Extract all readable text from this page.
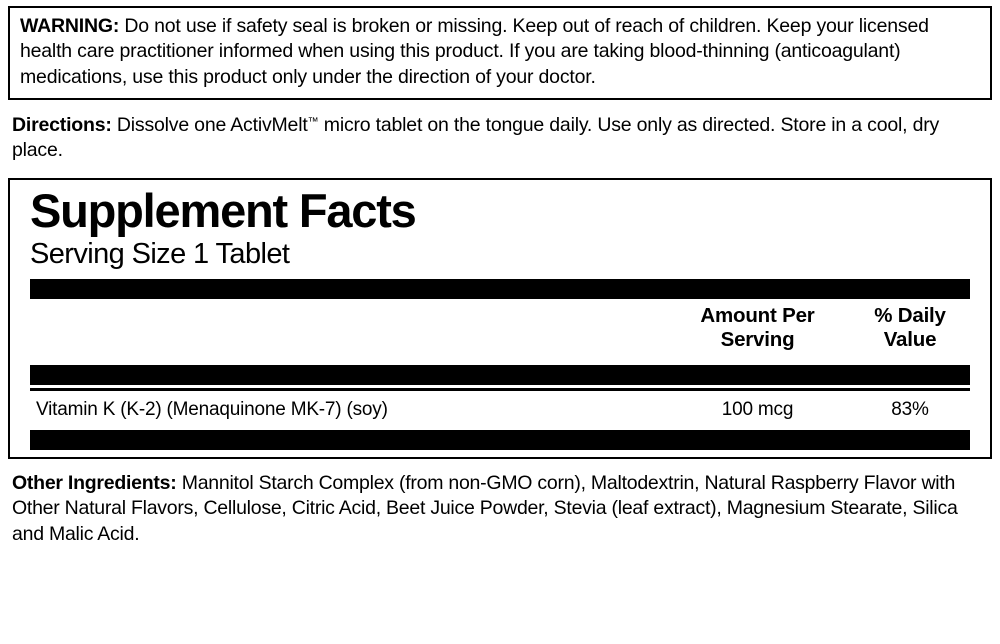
WARNING: Do not use if safety seal is broken or missing. Keep out of reach of children. Keep your licensed health care practitioner informed when using this product. If you are taking blood-thinning (anticoagulant) medications, use this product only under the direction of your doctor.
Directions: Dissolve one ActivMelt™ micro tablet on the tongue daily. Use only as directed. Store in a cool, dry place.
Supplement Facts
Serving Size 1 Tablet
Amount Per
Serving
% Daily
Value
Vitamin K (K-2) (Menaquinone MK-7) (soy)	100 mcg	83%
Other Ingredients: Mannitol Starch Complex (from non-GMO corn), Maltodextrin, Natural Raspberry Flavor with Other Natural Flavors, Cellulose, Citric Acid, Beet Juice Powder, Stevia (leaf extract), Magnesium Stearate, Silica and Malic Acid.
